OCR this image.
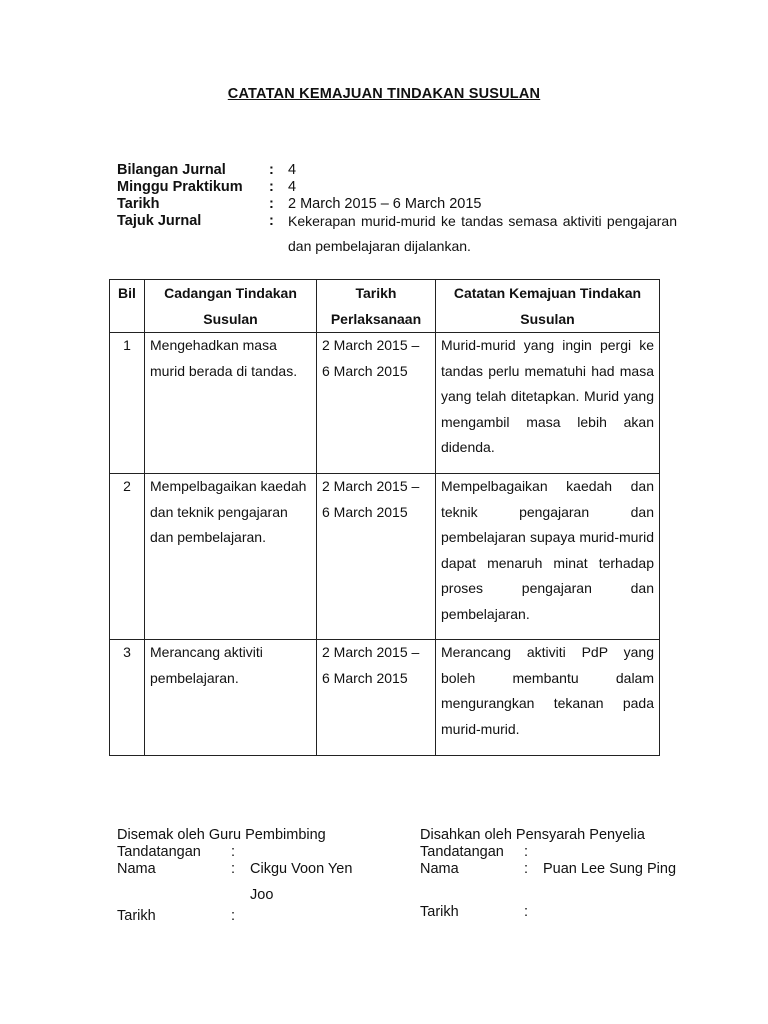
CATATAN KEMAJUAN TINDAKAN SUSULAN
Bilangan Jurnal	: 4
Minggu Praktikum	: 4
Tarikh	: 2 March 2015 – 6 March 2015
Tajuk Jurnal	:	Kekerapan murid-murid ke tandas semasa aktiviti pengajaran dan pembelajaran dijalankan.
Bil	Cadangan Tindakan Susulan	Tarikh Perlaksanaan	Catatan Kemajuan Tindakan Susulan
1	Mengehadkan masa murid berada di tandas.	2 March 2015 – 6 March 2015	Murid-murid yang ingin pergi ke tandas perlu mematuhi had masa yang telah ditetapkan. Murid yang mengambil masa lebih akan didenda.
2	Mempelbagaikan kaedah dan teknik pengajaran dan pembelajaran.	2 March 2015 – 6 March 2015	Mempelbagaikan kaedah dan teknik pengajaran dan pembelajaran supaya murid-murid dapat menaruh minat terhadap proses pengajaran dan pembelajaran.
3	Merancang aktiviti pembelajaran.	2 March 2015 – 6 March 2015	Merancang aktiviti PdP yang boleh membantu dalam mengurangkan tekanan pada murid-murid.
Disemak oleh Guru Pembimbing
Tandatangan	:
Nama	:	Cikgu Voon Yen Joo
Tarikh	:
Disahkan oleh Pensyarah Penyelia
Tandatangan	:
Nama	:	Puan Lee Sung Ping
Tarikh	:
